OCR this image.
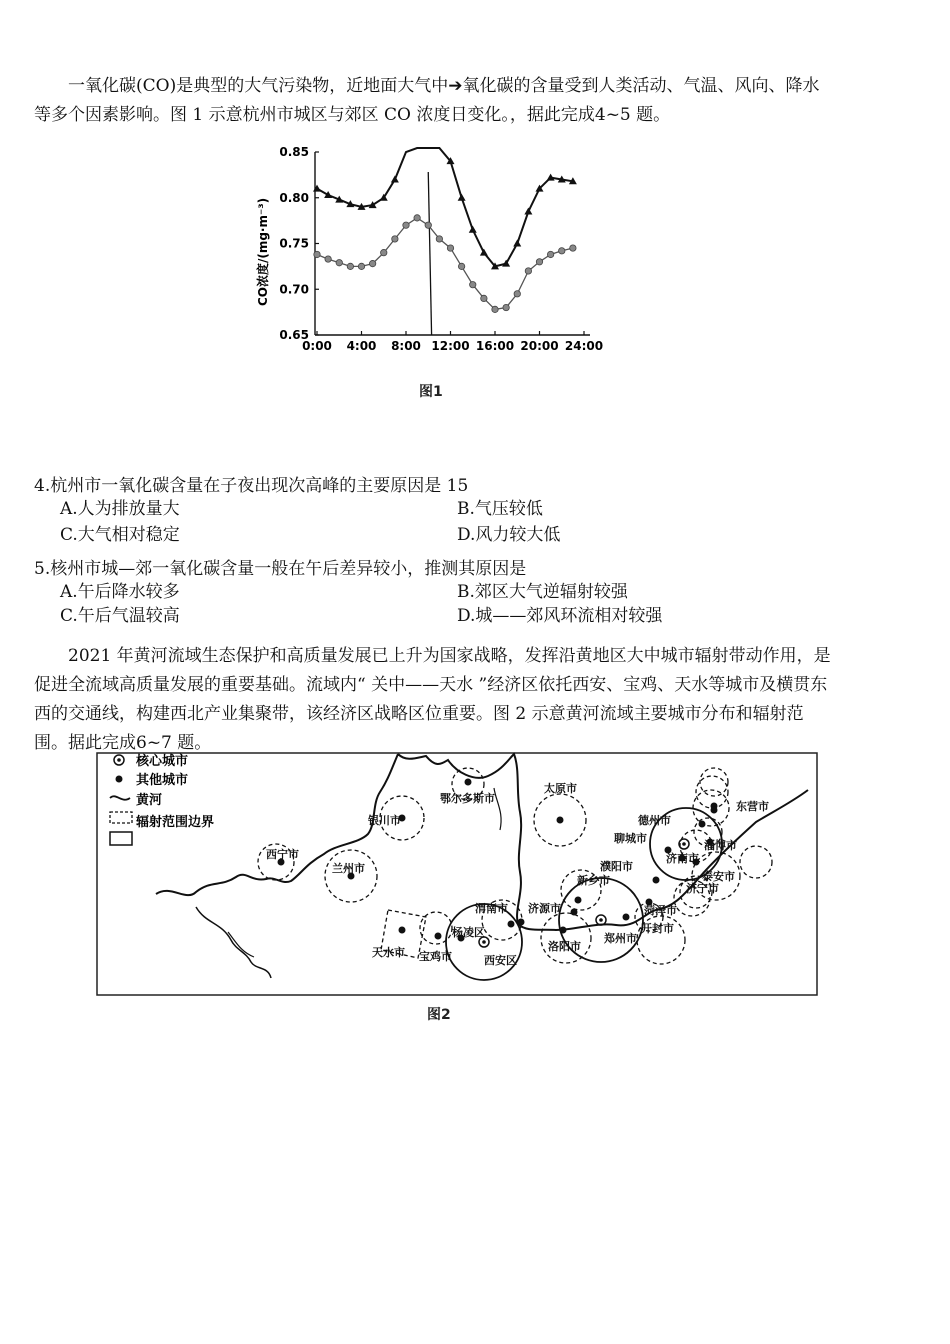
一氧化碳(CO)是典型的大气污染物，近地面大气中➔氧化碳的含量受到人类活动、气温、风向、降水等多个因素影响。图 1 示意杭州市城区与郊区 CO 浓度日变化。，据此完成4~5 题。
0.65
0.70
0.75
0.80
0.85
0:00 4:00 8:00 12:00 16:00 20:00 24:00
CO浓度/(mg·m⁻³)
图1
4.杭州市一氧化碳含量在子夜出现次高峰的主要原因是 15
A.人为排放量大	B.气压较低
C.大气相对稳定	D.风力较大低
5.核州市城—郊一氧化碳含量一般在午后差异较小，推测其原因是
A.午后降水较多	B.郊区大气逆辐射较强
C.午后气温较高	D.城——郊风环流相对较强
2021 年黄河流域生态保护和高质量发展已上升为国家战略，发挥沿黄地区大中城市辐射带动作用，是促进全流域高质量发展的重要基础。流域内“ 关中——天水 ”经济区依托西安、宝鸡、天水等城市及横贯东西的交通线，构建西北产业集聚带，该经济区战略区位重要。图 2 示意黄河流域主要城市分布和辐射范围。据此完成6~7 题。
核心城市
其他城市
黄河
辐射范围边界	银川市
鄂尔多斯市
太原市
西宁市
兰州市
天水市 宝鸡市
杨凌区
西安区
渭南市 济源市
洛阳市
新乡市
郑州市
开封市
濮阳市
菏泽市
济宁市
泰安市
聊城市
德州市
济南市
淄博市
东营市
图2
